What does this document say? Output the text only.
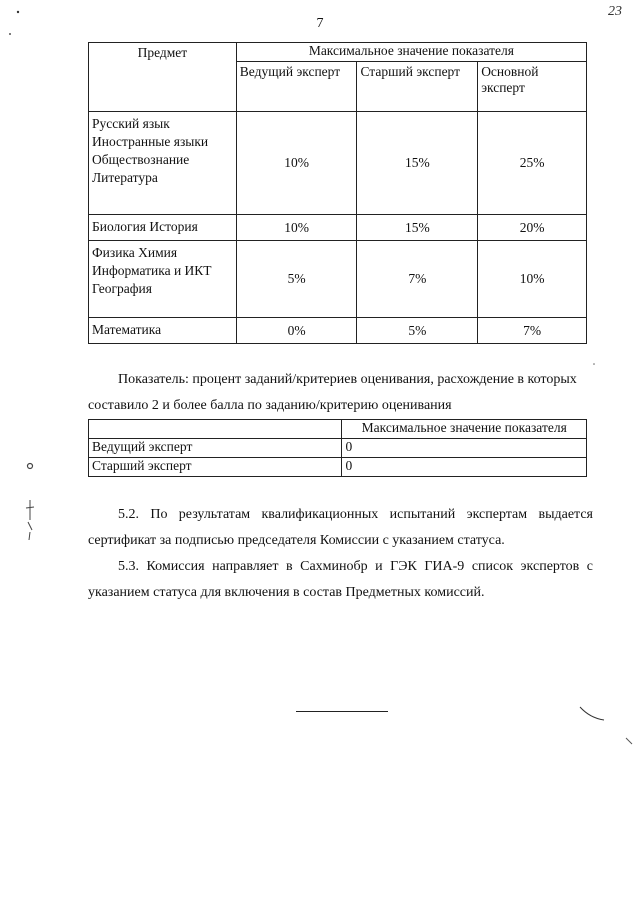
7
23
Предмет	Максимальное значение показателя		
	Ведущий эксперт	Старший эксперт	Основной
эксперт

Русский язык
Иностранные языки
Обществознание
Литература	10%	15%	25%

Биология История	10%	15%	20%

Физика Химия
Информатика и ИКТ
География	5%	7%	10%

Математика	0%	5%	7%
Показатель: процент заданий/критериев оценивания, расхождение в которых
составило 2 и более балла по заданию/критерию оценивания
	Максимальное значение показателя
Ведущий эксперт	0
Старший эксперт	0
5.2. По результатам квалификационных испытаний экспертам выдается сертификат за подписью председателя Комиссии с указанием статуса.
5.3. Комиссия направляет в Сахминобр и ГЭК ГИА-9 список экспертов с указанием статуса для включения в состав Предметных комиссий.
